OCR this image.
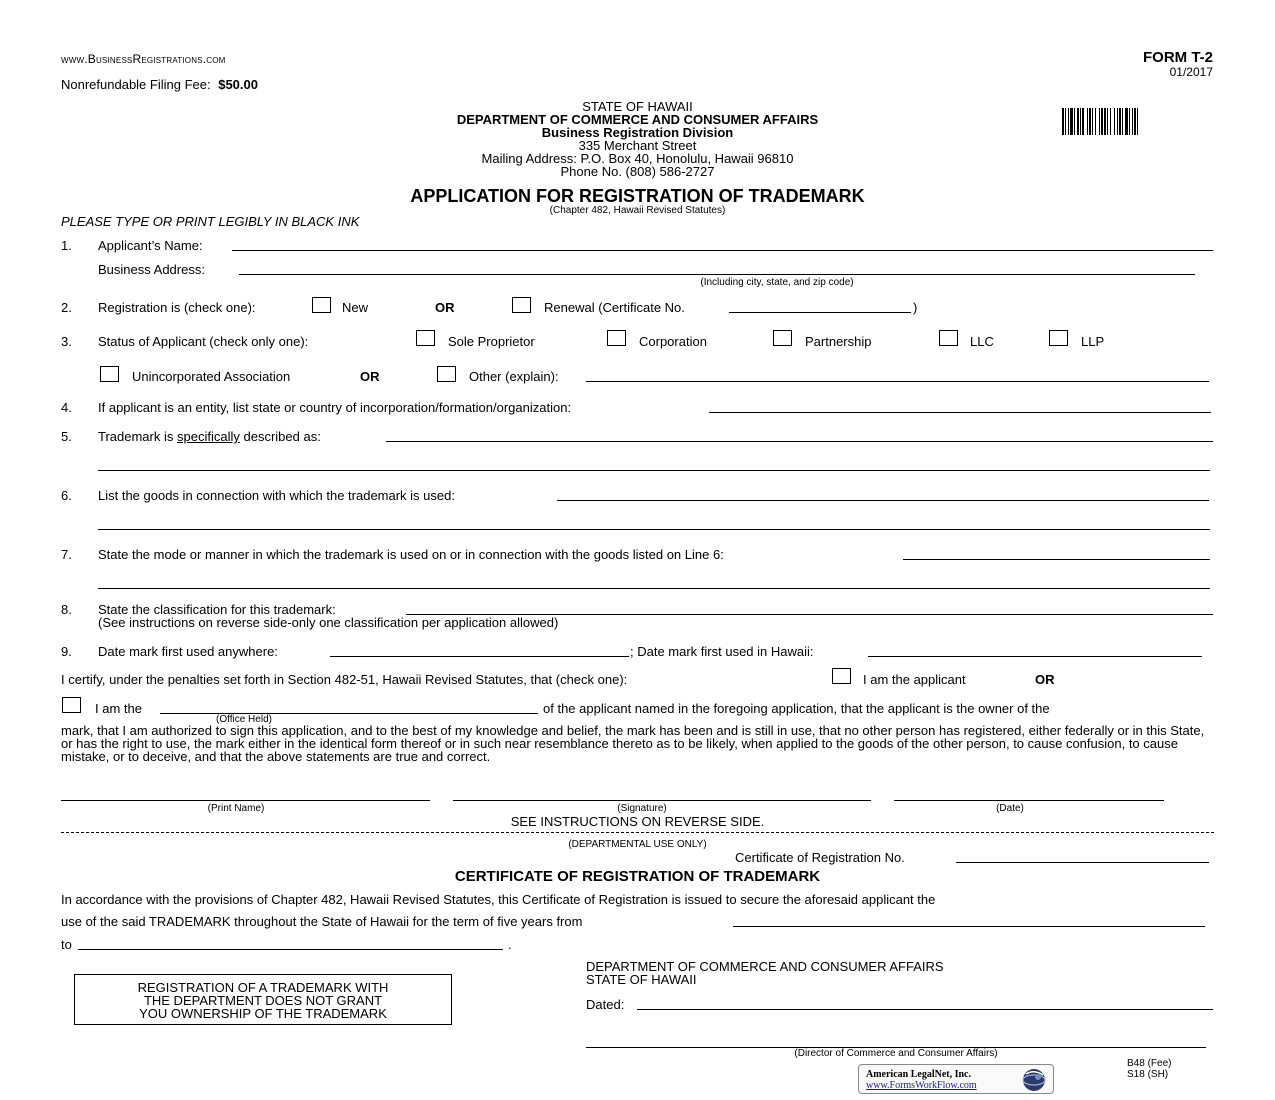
www.BusinessRegistrations.com
Nonrefundable Filing Fee: $50.00
FORM T-2
01/2017
STATE OF HAWAII
DEPARTMENT OF COMMERCE AND CONSUMER AFFAIRS
Business Registration Division
335 Merchant Street
Mailing Address: P.O. Box 40, Honolulu, Hawaii 96810
Phone No. (808) 586-2727
APPLICATION FOR REGISTRATION OF TRADEMARK
(Chapter 482, Hawaii Revised Statutes)
PLEASE TYPE OR PRINT LEGIBLY IN BLACK INK
1. Applicant’s Name:
Business Address:
(Including city, state, and zip code)
2. Registration is (check one):	New	OR	Renewal (Certificate No.	)
3. Status of Applicant (check only one):	Sole Proprietor	Corporation	Partnership	LLC	LLP
Unincorporated Association	OR	Other (explain):
4. If applicant is an entity, list state or country of incorporation/formation/organization:
5. Trademark is specifically described as:
6. List the goods in connection with which the trademark is used:
7. State the mode or manner in which the trademark is used on or in connection with the goods listed on Line 6:
8. State the classification for this trademark:
(See instructions on reverse side-only one classification per application allowed)
9. Date mark first used anywhere:	; Date mark first used in Hawaii:
I certify, under the penalties set forth in Section 482-51, Hawaii Revised Statutes, that (check one):	I am the applicant	OR
I am the
(Office Held)
of the applicant named in the foregoing application, that the applicant is the owner of the
mark, that I am authorized to sign this application, and to the best of my knowledge and belief, the mark has been and is still in use, that no other person has registered, either federally or in this State, or has the right to use, the mark either in the identical form thereof or in such near resemblance thereto as to be likely, when applied to the goods of the other person, to cause confusion, to cause mistake, or to deceive, and that the above statements are true and correct.
(Print Name)	(Signature)	(Date)
SEE INSTRUCTIONS ON REVERSE SIDE.
(DEPARTMENTAL USE ONLY)
Certificate of Registration No.
CERTIFICATE OF REGISTRATION OF TRADEMARK
In accordance with the provisions of Chapter 482, Hawaii Revised Statutes, this Certificate of Registration is issued to secure the aforesaid applicant the
use of the said TRADEMARK throughout the State of Hawaii for the term of five years from
to	.
REGISTRATION OF A TRADEMARK WITH
THE DEPARTMENT DOES NOT GRANT
YOU OWNERSHIP OF THE TRADEMARK
DEPARTMENT OF COMMERCE AND CONSUMER AFFAIRS
STATE OF HAWAII
Dated:
(Director of Commerce and Consumer Affairs)
B48 (Fee)
S18 (SH)
American LegalNet, Inc.
www.FormsWorkFlow.com
